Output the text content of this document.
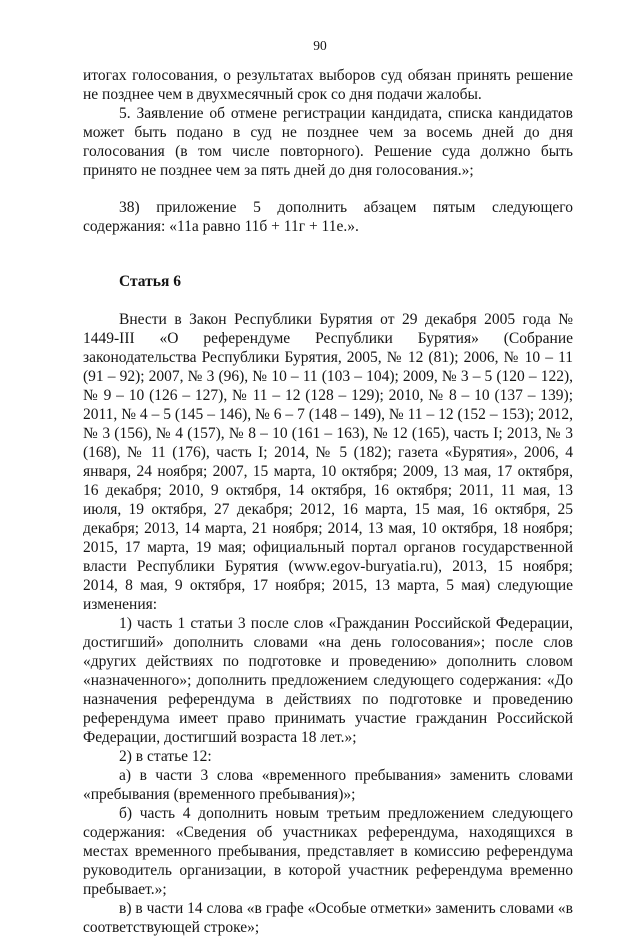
90

итогах голосования, о результатах выборов суд обязан принять решение не позднее чем в двухмесячный срок со дня подачи жалобы.

5. Заявление об отмене регистрации кандидата, списка кандидатов может быть подано в суд не позднее чем за восемь дней до дня голосования (в том числе повторного). Решение суда должно быть принято не позднее чем за пять дней до дня голосования.»;

38) приложение 5 дополнить абзацем пятым следующего содержания: «11а равно 11б + 11г + 11е.».

Статья 6

Внести в Закон Республики Бурятия от 29 декабря 2005 года № 1449-III «О референдуме Республики Бурятия» (Собрание законодательства Республики Бурятия, 2005, № 12 (81); 2006, № 10 – 11 (91 – 92); 2007, № 3 (96), № 10 – 11 (103 – 104); 2009, № 3 – 5 (120 – 122), № 9 – 10 (126 – 127), № 11 – 12 (128 – 129); 2010, № 8 – 10 (137 – 139); 2011, № 4 – 5 (145 – 146), № 6 – 7 (148 – 149), № 11 – 12 (152 – 153); 2012, № 3 (156), № 4 (157), № 8 – 10 (161 – 163), № 12 (165), часть I; 2013, № 3 (168), № 11 (176), часть I; 2014, № 5 (182); газета «Бурятия», 2006, 4 января, 24 ноября; 2007, 15 марта, 10 октября; 2009, 13 мая, 17 октября, 16 декабря; 2010, 9 октября, 14 октября, 16 октября; 2011, 11 мая, 13 июля, 19 октября, 27 декабря; 2012, 16 марта, 15 мая, 16 октября, 25 декабря; 2013, 14 марта, 21 ноября; 2014, 13 мая, 10 октября, 18 ноября; 2015, 17 марта, 19 мая; официальный портал органов государственной власти Республики Бурятия (www.egov-buryatia.ru), 2013, 15 ноября; 2014, 8 мая, 9 октября, 17 ноября; 2015, 13 марта, 5 мая) следующие изменения:

1) часть 1 статьи 3 после слов «Гражданин Российской Федерации, достигший» дополнить словами «на день голосования»; после слов «других действиях по подготовке и проведению» дополнить словом «назначенного»; дополнить предложением следующего содержания: «До назначения референдума в действиях по подготовке и проведению референдума имеет право принимать участие гражданин Российской Федерации, достигший возраста 18 лет.»;

2) в статье 12:

а) в части 3 слова «временного пребывания» заменить словами «пребывания (временного пребывания)»;

б) часть 4 дополнить новым третьим предложением следующего содержания: «Сведения об участниках референдума, находящихся в местах временного пребывания, представляет в комиссию референдума руководитель организации, в которой участник референдума временно пребывает.»;

в) в части 14 слова «в графе «Особые отметки» заменить словами «в соответствующей строке»;
